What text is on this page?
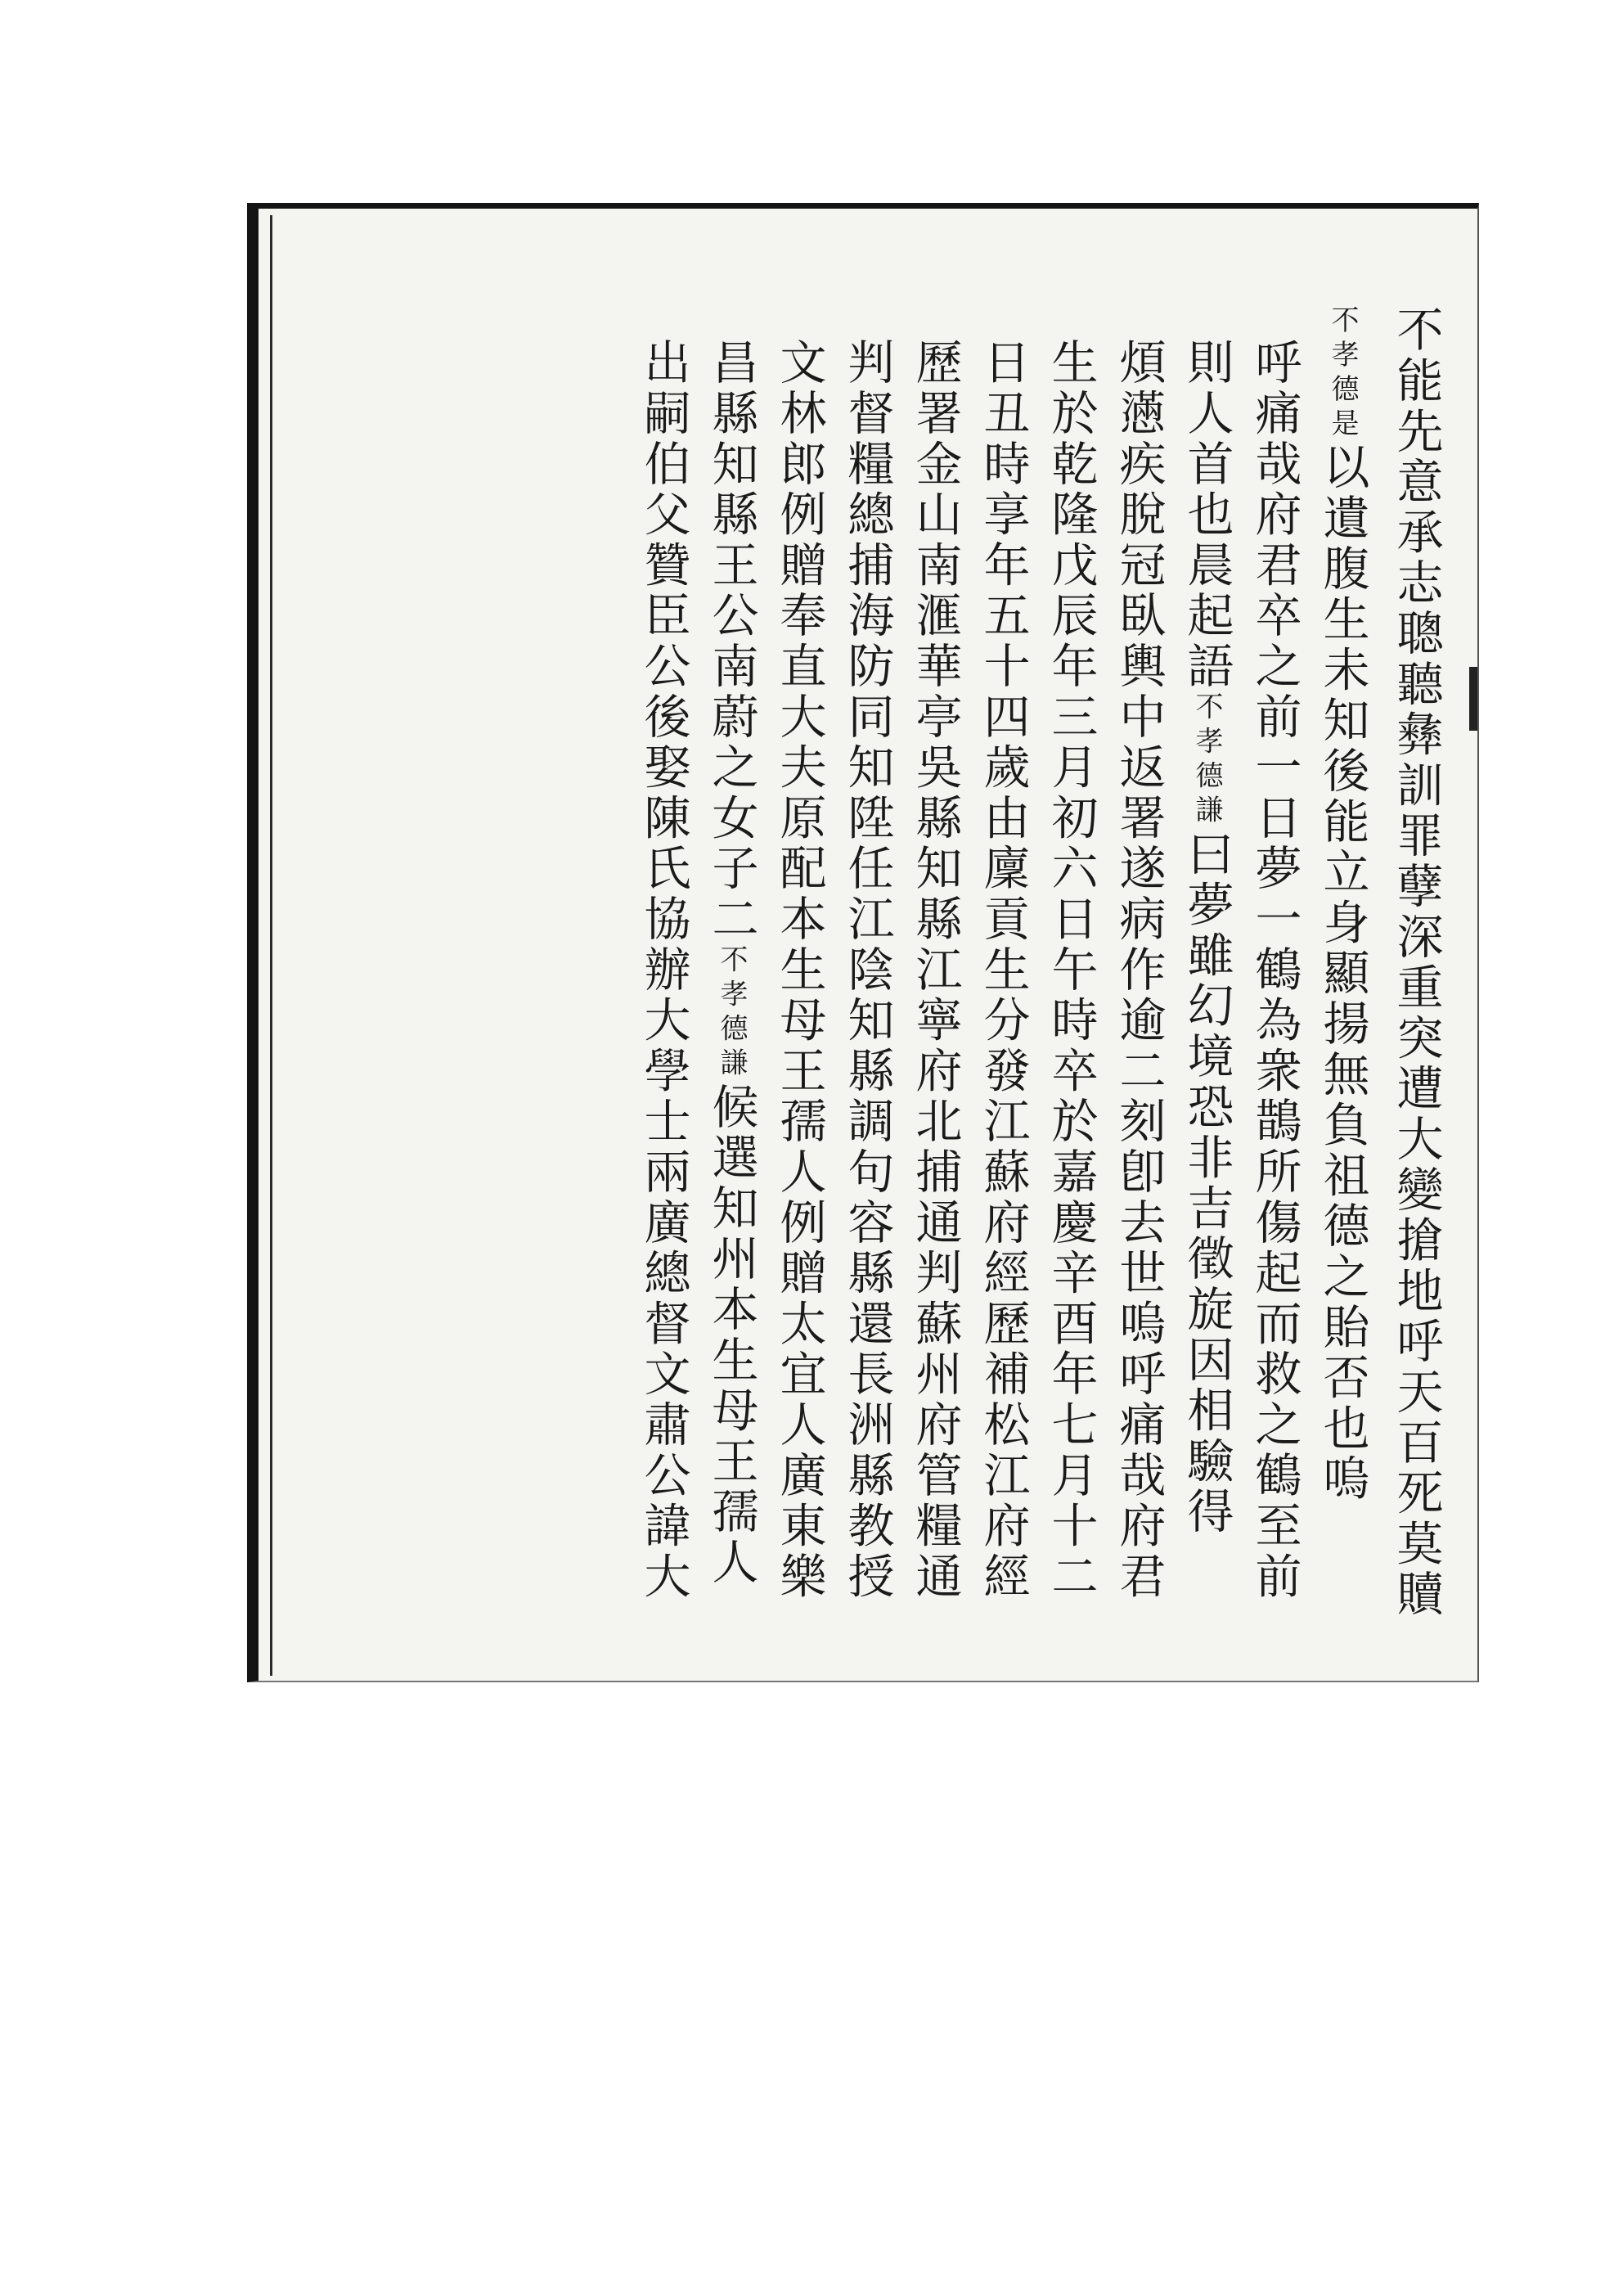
不能先意承志聰聽彝訓罪孽深重突遭大變搶地呼天百死莫贖
不孝德是以遺腹生未知後能立身顯揚無負祖德之貽否也嗚
呼痛哉府君卒之前一日夢一鶴為衆鵲所傷起而救之鶴至前
則人首也晨起語不孝德謙曰夢雖幻境恐非吉徵旋因相驗得
煩懣疾脫冠臥輿中返署遂病作逾二刻卽去世嗚呼痛哉府君
生於乾隆戊辰年三月初六日午時卒於嘉慶辛酉年七月十二
日丑時享年五十四歲由廩貢生分發江蘇府經歷補松江府經
歷署金山南滙華亭吳縣知縣江寧府北捕通判蘇州府管糧通
判督糧總捕海防同知陞任江陰知縣調句容縣還長洲縣教授
文林郎例贈奉直大夫原配本生母王孺人例贈太宜人廣東樂
昌縣知縣王公南蔚之女子二不孝德謙候選知州本生母王孺人
出嗣伯父贊臣公後娶陳氏協辦大學士兩廣總督文肅公諱大
